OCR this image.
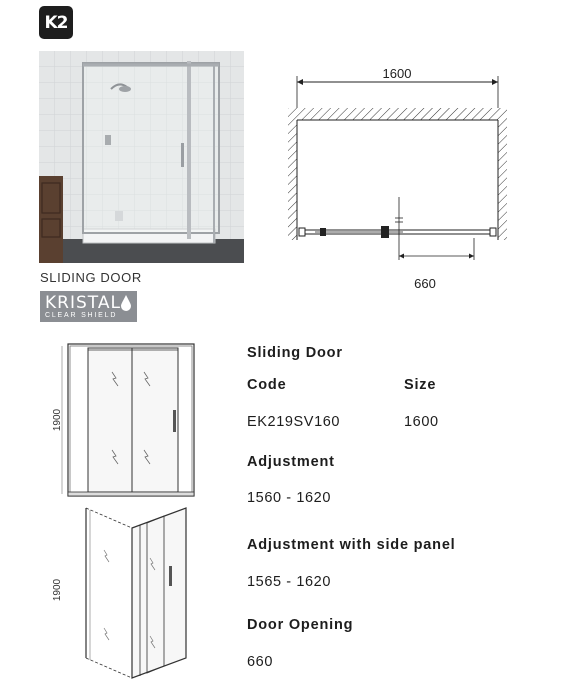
K2
SLIDING DOOR
KRISTAL
CLEAR SHIELD
1600
660
1900
1900
Sliding Door
Code	Size
EK219SV160	1600
Adjustment
1560 - 1620
Adjustment with side panel
1565 - 1620
Door Opening
660
